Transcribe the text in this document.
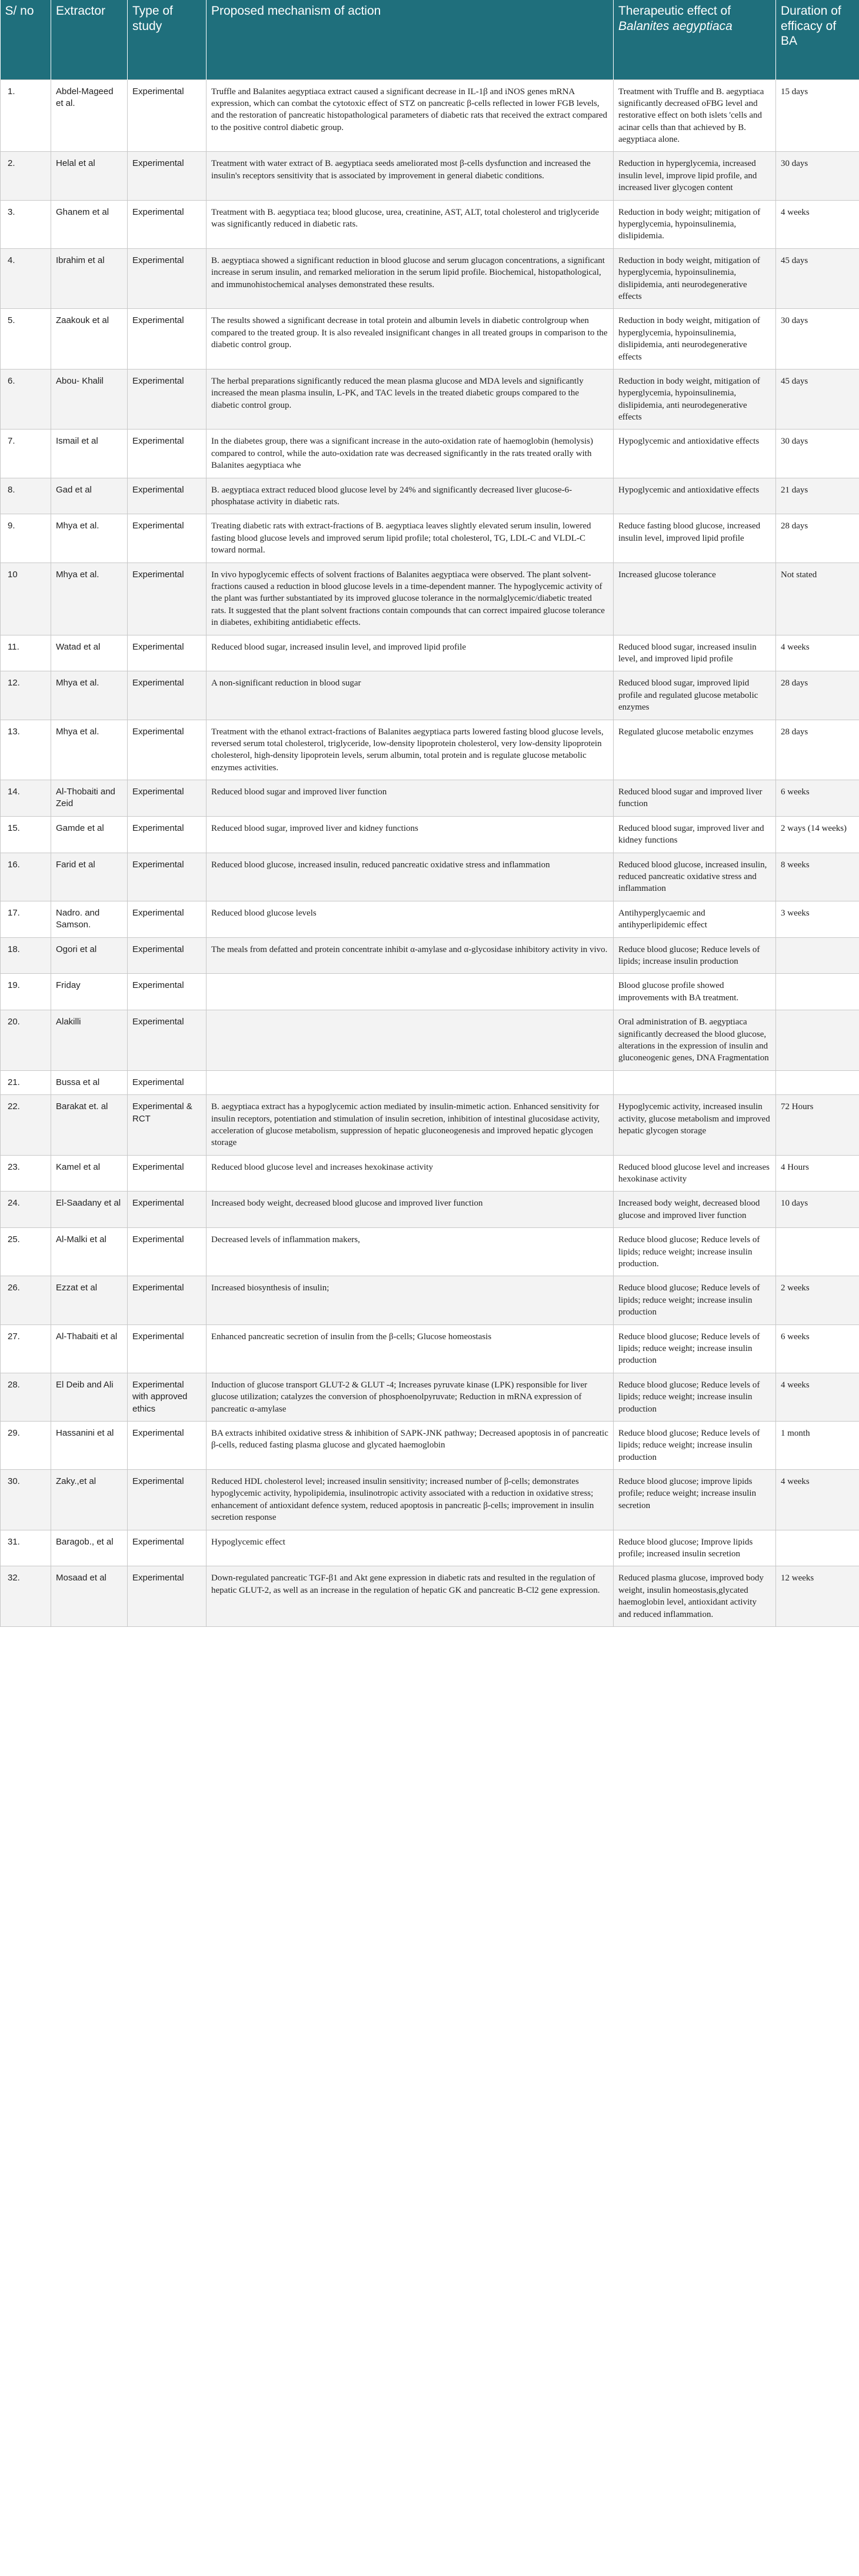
S/ no	Extractor	Type of study	Proposed mechanism of action	Therapeutic effect of Balanites aegyptiaca	Duration of efficacy of BA
1.	Abdel-Mageed et al.	Experimental	Truffle and Balanites aegyptiaca extract caused a significant decrease in IL-1β and iNOS genes mRNA expression, which can combat the cytotoxic effect of STZ on pancreatic β-cells reflected in lower FGB levels, and the restoration of pancreatic histopathological parameters of diabetic rats that received the extract compared to the positive control diabetic group.	Treatment with Truffle and B. aegyptiaca significantly decreased oFBG level and restorative effect on both islets 'cells and acinar cells than that achieved by B. aegyptiaca alone.	15 days
2.	Helal et al	Experimental	Treatment with water extract of B. aegyptiaca seeds ameliorated most β-cells dysfunction and increased the insulin's receptors sensitivity that is associated by improvement in general diabetic conditions.	Reduction in hyperglycemia, increased insulin level, improve lipid profile, and increased liver glycogen content	30 days
3.	Ghanem et al	Experimental	Treatment with B. aegyptiaca tea; blood glucose, urea, creatinine, AST, ALT, total cholesterol and triglyceride was significantly reduced in diabetic rats.	Reduction in body weight; mitigation of hyperglycemia, hypoinsulinemia, dislipidemia.	4 weeks
4.	Ibrahim et al	Experimental	B. aegyptiaca showed a significant reduction in blood glucose and serum glucagon concentrations, a significant increase in serum insulin, and remarked melioration in the serum lipid profile. Biochemical, histopathological, and immunohistochemical analyses demonstrated these results.	Reduction in body weight, mitigation of hyperglycemia, hypoinsulinemia, dislipidemia, anti neurodegenerative effects	45 days
5.	Zaakouk et al	Experimental	The results showed a significant decrease in total protein and albumin levels in diabetic controlgroup when compared to the treated group. It is also revealed insignificant changes in all treated groups in comparison to the diabetic control group.	Reduction in body weight, mitigation of hyperglycemia, hypoinsulinemia, dislipidemia, anti neurodegenerative effects	30 days
6.	Abou- Khalil	Experimental	The herbal preparations significantly reduced the mean plasma glucose and MDA levels and significantly increased the mean plasma insulin, L-PK, and TAC levels in the treated diabetic groups compared to the diabetic control group.	Reduction in body weight, mitigation of hyperglycemia, hypoinsulinemia, dislipidemia, anti neurodegenerative effects	45 days
7.	Ismail et al	Experimental	In the diabetes group, there was a significant increase in the auto-oxidation rate of haemoglobin (hemolysis) compared to control, while the auto-oxidation rate was decreased significantly in the rats treated orally with Balanites aegyptiaca whe	Hypoglycemic and antioxidative effects	30 days
8.	Gad et al	Experimental	B. aegyptiaca extract reduced blood glucose level by 24% and significantly decreased liver glucose-6-phosphatase activity in diabetic rats.	Hypoglycemic and antioxidative effects	21 days
9.	Mhya et al.	Experimental	Treating diabetic rats with extract-fractions of B. aegyptiaca leaves slightly elevated serum insulin, lowered fasting blood glucose levels and improved serum lipid profile; total cholesterol, TG, LDL-C and VLDL-C toward normal.	Reduce fasting blood glucose, increased insulin level, improved lipid profile	28 days
10	Mhya et al.	Experimental	In vivo hypoglycemic effects of solvent fractions of Balanites aegyptiaca were observed. The plant solvent-fractions caused a reduction in blood glucose levels in a time-dependent manner. The hypoglycemic activity of the plant was further substantiated by its improved glucose tolerance in the normalglycemic/diabetic treated rats. It suggested that the plant solvent fractions contain compounds that can correct impaired glucose tolerance in diabetes, exhibiting antidiabetic effects.	Increased glucose tolerance	Not stated
11.	Watad et al	Experimental	Reduced blood sugar, increased insulin level, and improved lipid profile	Reduced blood sugar, increased insulin level, and improved lipid profile	4 weeks
12.	Mhya et al.	Experimental	A non-significant reduction in blood sugar	Reduced blood sugar, improved lipid profile and regulated glucose metabolic enzymes	28 days
13.	Mhya et al.	Experimental	Treatment with the ethanol extract-fractions of Balanites aegyptiaca parts lowered fasting blood glucose levels, reversed serum total cholesterol, triglyceride, low-density lipoprotein cholesterol, very low-density lipoprotein cholesterol, high-density lipoprotein levels, serum albumin, total protein and is regulate glucose metabolic enzymes activities.	Regulated glucose metabolic enzymes	28 days
14.	Al-Thobaiti and Zeid	Experimental	Reduced blood sugar and improved liver function	Reduced blood sugar and improved liver function	6 weeks
15.	Gamde et al	Experimental	Reduced blood sugar, improved liver and kidney functions	Reduced blood sugar, improved liver and kidney functions	2 ways (14 weeks)
16.	Farid et al	Experimental	Reduced blood glucose, increased insulin, reduced pancreatic oxidative stress and inflammation	Reduced blood glucose, increased insulin, reduced pancreatic oxidative stress and inflammation	8 weeks
17.	Nadro. and Samson.	Experimental	Reduced blood glucose levels	Antihyperglycaemic and antihyperlipidemic effect	3 weeks
18.	Ogori et al	Experimental	The meals from defatted and protein concentrate inhibit α-amylase and α-glycosidase inhibitory activity in vivo.	Reduce blood glucose; Reduce levels of lipids; increase insulin production	
19.	Friday	Experimental		Blood glucose profile showed improvements with BA treatment.	
20.	Alakilli	Experimental		Oral administration of B. aegyptiaca significantly decreased the blood glucose, alterations in the expression of insulin and gluconeogenic genes, DNA Fragmentation	
21.	Bussa et al	Experimental			
22.	Barakat et. al	Experimental & RCT	B. aegyptiaca extract has a hypoglycemic action mediated by insulin-mimetic action. Enhanced sensitivity for insulin receptors, potentiation and stimulation of insulin secretion, inhibition of intestinal glucosidase activity, acceleration of glucose metabolism, suppression of hepatic gluconeogenesis and improved hepatic glycogen storage	Hypoglycemic activity, increased insulin activity, glucose metabolism and improved hepatic glycogen storage	72 Hours
23.	Kamel et al	Experimental	Reduced blood glucose level and increases hexokinase activity	Reduced blood glucose level and increases hexokinase activity	4 Hours
24.	El-Saadany et al	Experimental	Increased body weight, decreased blood glucose and improved liver function	Increased body weight, decreased blood glucose and improved liver function	10 days
25.	Al-Malki et al	Experimental	Decreased levels of inflammation makers,	Reduce blood glucose; Reduce levels of lipids; reduce weight; increase insulin production.	
26.	Ezzat et al	Experimental	Increased biosynthesis of insulin;	Reduce blood glucose; Reduce levels of lipids; reduce weight; increase insulin production	2 weeks
27.	Al-Thabaiti et al	Experimental	Enhanced pancreatic secretion of insulin from the β-cells; Glucose homeostasis	Reduce blood glucose; Reduce levels of lipids; reduce weight; increase insulin production	6 weeks
28.	El Deib and Ali	Experimental with approved ethics	Induction of glucose transport GLUT-2 & GLUT -4; Increases pyruvate kinase (LPK) responsible for liver glucose utilization; catalyzes the conversion of phosphoenolpyruvate; Reduction in mRNA expression of pancreatic α-amylase	Reduce blood glucose; Reduce levels of lipids; reduce weight; increase insulin production	4 weeks
29.	Hassanini et al	Experimental	BA extracts inhibited oxidative stress & inhibition of SAPK-JNK pathway; Decreased apoptosis in of pancreatic β-cells, reduced fasting plasma glucose and glycated haemoglobin	Reduce blood glucose; Reduce levels of lipids; reduce weight; increase insulin production	1 month
30.	Zaky.,et al	Experimental	Reduced HDL cholesterol level; increased insulin sensitivity; increased number of β-cells; demonstrates hypoglycemic activity, hypolipidemia, insulinotropic activity associated with a reduction in oxidative stress; enhancement of antioxidant defence system, reduced apoptosis in pancreatic β-cells; improvement in insulin secretion response	Reduce blood glucose; improve lipids profile; reduce weight; increase insulin secretion	4 weeks
31.	Baragob., et al	Experimental	Hypoglycemic effect	Reduce blood glucose; Improve lipids profile; increased insulin secretion	
32.	Mosaad et al	Experimental	Down-regulated pancreatic TGF-β1 and Akt gene expression in diabetic rats and resulted in the regulation of hepatic GLUT-2, as well as an increase in the regulation of hepatic GK and pancreatic B-Cl2 gene expression.	Reduced plasma glucose, improved body weight, insulin homeostasis,glycated haemoglobin level, antioxidant activity and reduced inflammation.	12 weeks
